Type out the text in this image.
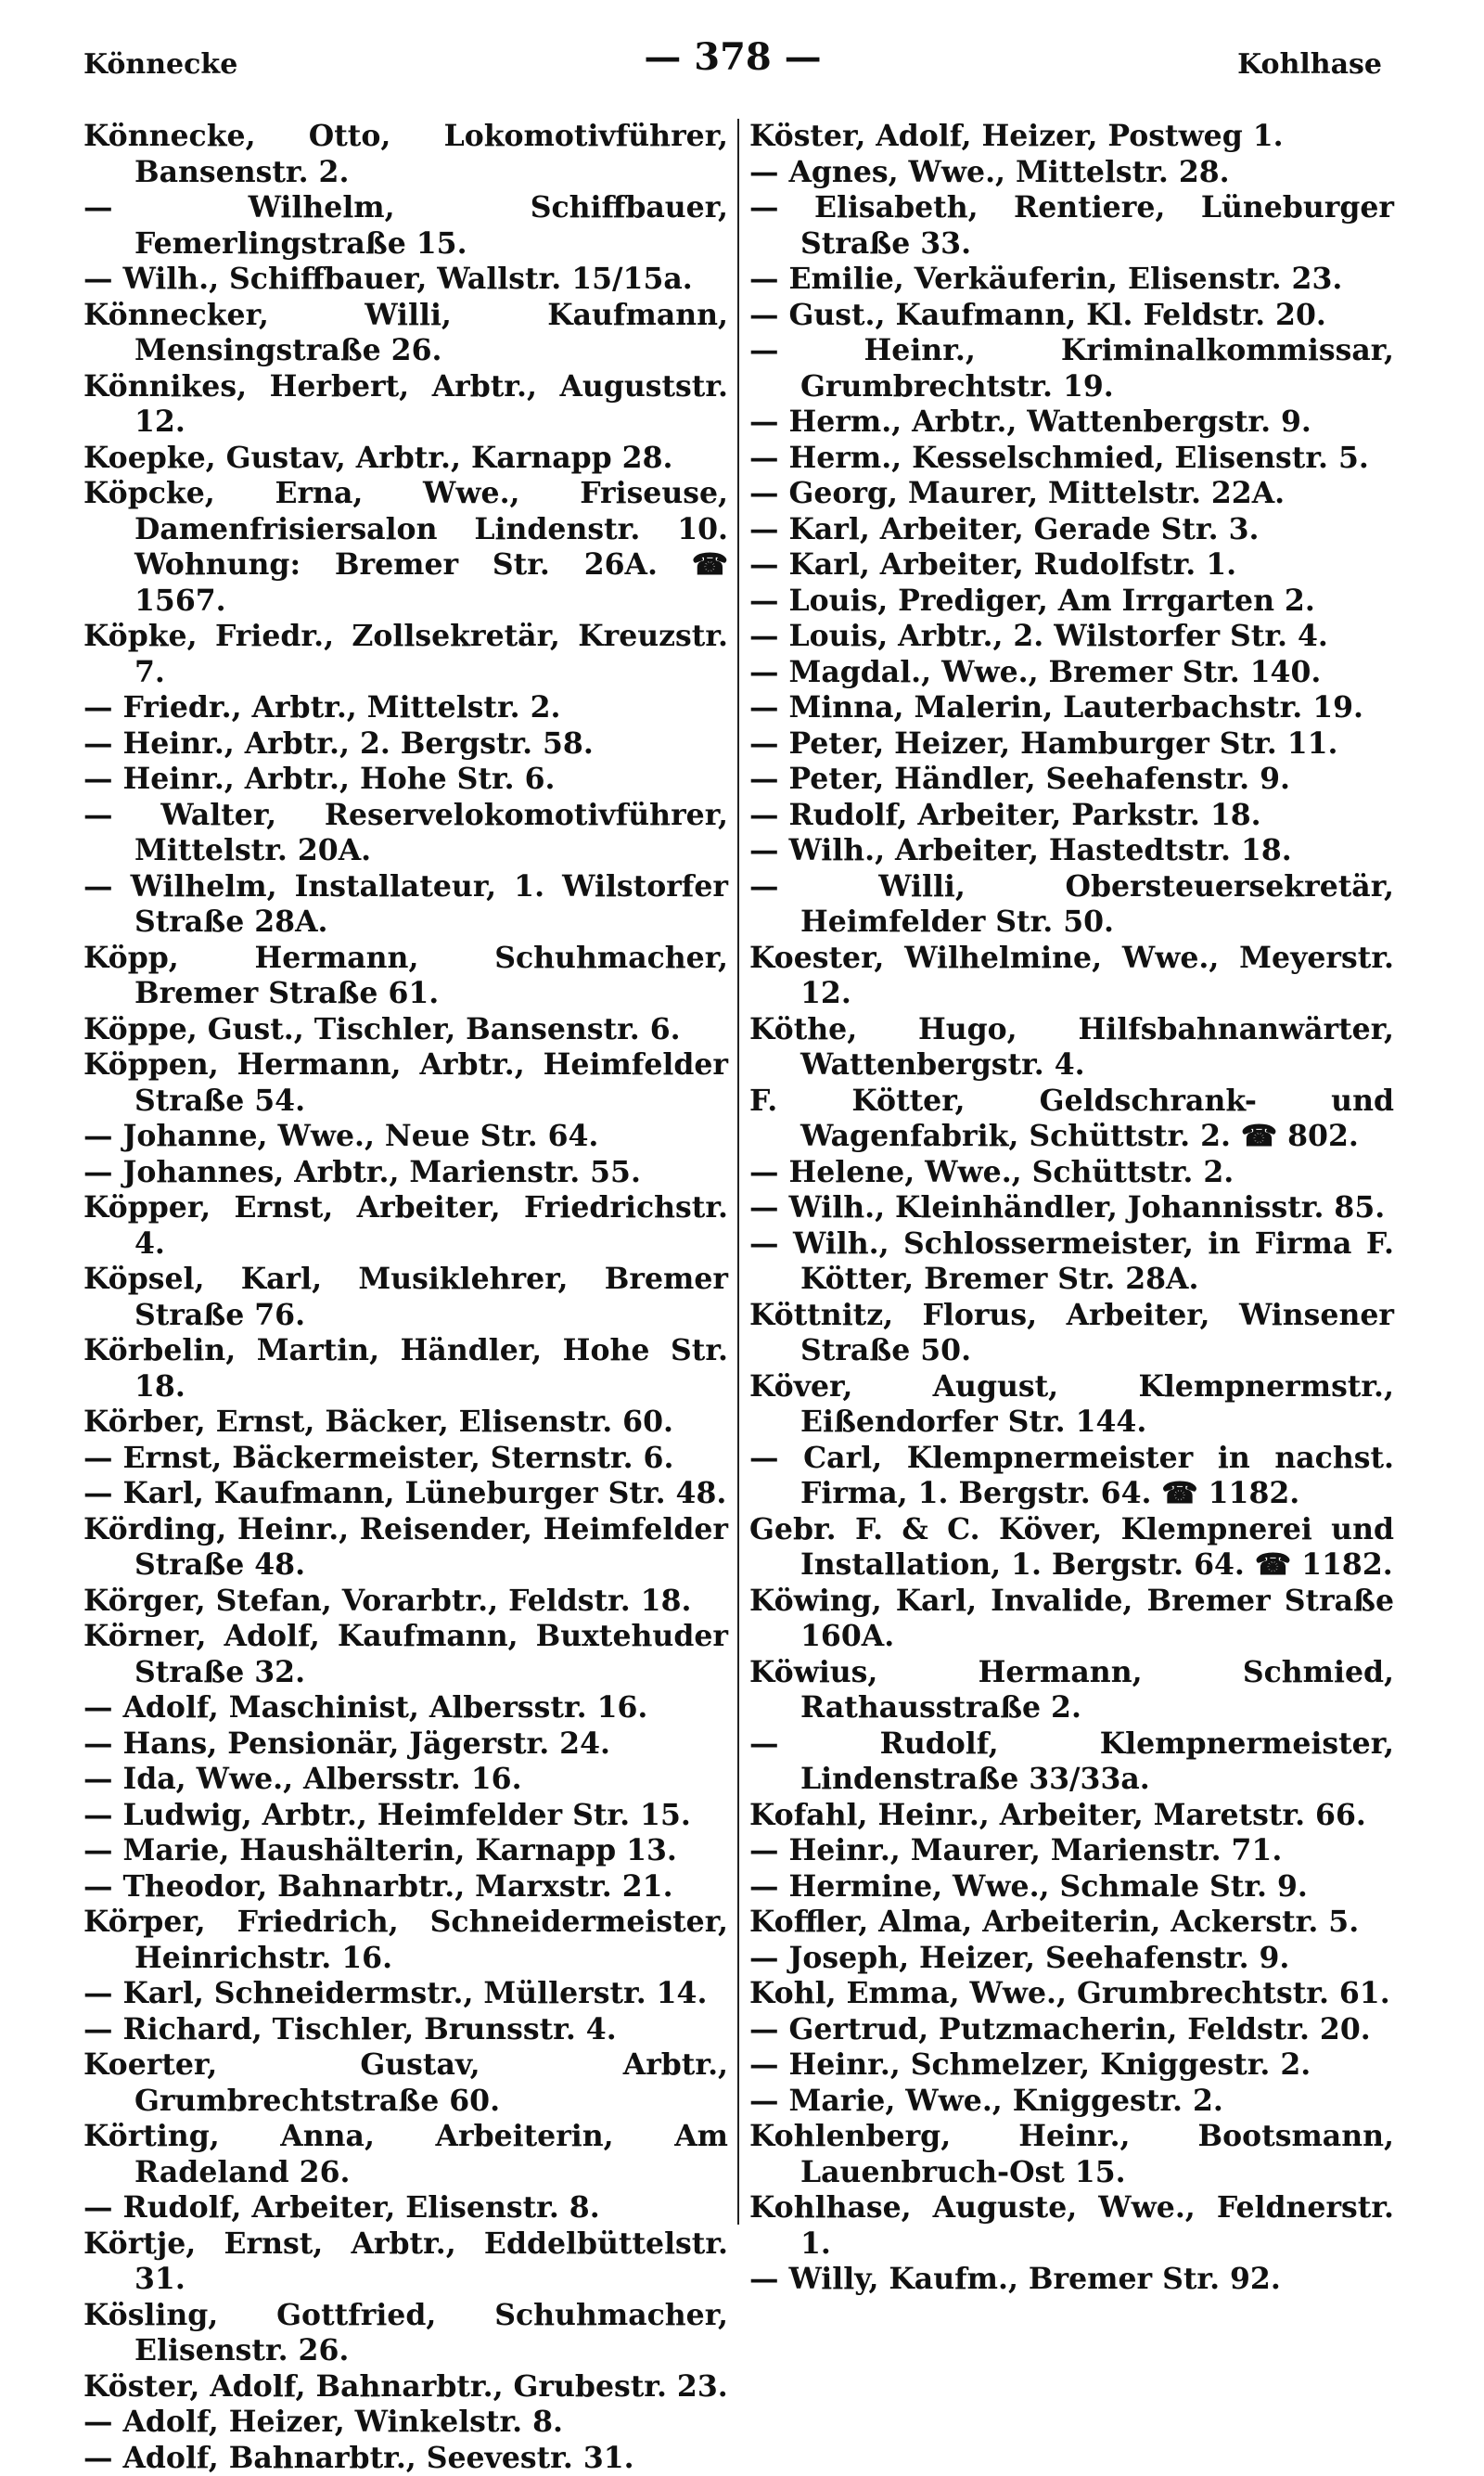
Könnecke	— 378 —	Kohlhase
Könnecke, Otto, Lokomotivführer, Bansenstr. 2.
— Wilhelm, Schiffbauer, Femerlingstraße 15.
— Wilh., Schiffbauer, Wallstr. 15/15a.
Könnecker, Willi, Kaufmann, Mensingstraße 26.
Könnikes, Herbert, Arbtr., Auguststr. 12.
Koepke, Gustav, Arbtr., Karnapp 28.
Köpcke, Erna, Wwe., Friseuse, Damenfrisiersalon Lindenstr. 10. Wohnung: Bremer Str. 26A. ☎ 1567.
Köpke, Friedr., Zollsekretär, Kreuzstr. 7.
— Friedr., Arbtr., Mittelstr. 2.
— Heinr., Arbtr., 2. Bergstr. 58.
— Heinr., Arbtr., Hohe Str. 6.
— Walter, Reservelokomotivführer, Mittelstr. 20A.
— Wilhelm, Installateur, 1. Wilstorfer Straße 28A.
Köpp, Hermann, Schuhmacher, Bremer Straße 61.
Köppe, Gust., Tischler, Bansenstr. 6.
Köppen, Hermann, Arbtr., Heimfelder Straße 54.
— Johanne, Wwe., Neue Str. 64.
— Johannes, Arbtr., Marienstr. 55.
Köpper, Ernst, Arbeiter, Friedrichstr. 4.
Köpsel, Karl, Musiklehrer, Bremer Straße 76.
Körbelin, Martin, Händler, Hohe Str. 18.
Körber, Ernst, Bäcker, Elisenstr. 60.
— Ernst, Bäckermeister, Sternstr. 6.
— Karl, Kaufmann, Lüneburger Str. 48.
Körding, Heinr., Reisender, Heimfelder Straße 48.
Körger, Stefan, Vorarbtr., Feldstr. 18.
Körner, Adolf, Kaufmann, Buxtehuder Straße 32.
— Adolf, Maschinist, Albersstr. 16.
— Hans, Pensionär, Jägerstr. 24.
— Ida, Wwe., Albersstr. 16.
— Ludwig, Arbtr., Heimfelder Str. 15.
— Marie, Haushälterin, Karnapp 13.
— Theodor, Bahnarbtr., Marxstr. 21.
Körper, Friedrich, Schneidermeister, Heinrichstr. 16.
— Karl, Schneidermstr., Müllerstr. 14.
— Richard, Tischler, Brunsstr. 4.
Koerter, Gustav, Arbtr., Grumbrechtstraße 60.
Körting, Anna, Arbeiterin, Am Radeland 26.
— Rudolf, Arbeiter, Elisenstr. 8.
Körtje, Ernst, Arbtr., Eddelbüttelstr. 31.
Kösling, Gottfried, Schuhmacher, Elisenstr. 26.
Köster, Adolf, Bahnarbtr., Grubestr. 23.
— Adolf, Heizer, Winkelstr. 8.
— Adolf, Bahnarbtr., Seevestr. 31.
Köster, Adolf, Heizer, Postweg 1.
— Agnes, Wwe., Mittelstr. 28.
— Elisabeth, Rentiere, Lüneburger Straße 33.
— Emilie, Verkäuferin, Elisenstr. 23.
— Gust., Kaufmann, Kl. Feldstr. 20.
— Heinr., Kriminalkommissar, Grumbrechtstr. 19.
— Herm., Arbtr., Wattenbergstr. 9.
— Herm., Kesselschmied, Elisenstr. 5.
— Georg, Maurer, Mittelstr. 22A.
— Karl, Arbeiter, Gerade Str. 3.
— Karl, Arbeiter, Rudolfstr. 1.
— Louis, Prediger, Am Irrgarten 2.
— Louis, Arbtr., 2. Wilstorfer Str. 4.
— Magdal., Wwe., Bremer Str. 140.
— Minna, Malerin, Lauterbachstr. 19.
— Peter, Heizer, Hamburger Str. 11.
— Peter, Händler, Seehafenstr. 9.
— Rudolf, Arbeiter, Parkstr. 18.
— Wilh., Arbeiter, Hastedtstr. 18.
— Willi, Obersteuersekretär, Heimfelder Str. 50.
Koester, Wilhelmine, Wwe., Meyerstr. 12.
Köthe, Hugo, Hilfsbahnanwärter, Wattenbergstr. 4.
F. Kötter, Geldschrank- und Wagenfabrik, Schüttstr. 2. ☎ 802.
— Helene, Wwe., Schüttstr. 2.
— Wilh., Kleinhändler, Johannisstr. 85.
— Wilh., Schlossermeister, in Firma F. Kötter, Bremer Str. 28A.
Köttnitz, Florus, Arbeiter, Winsener Straße 50.
Köver, August, Klempnermstr., Eißendorfer Str. 144.
— Carl, Klempnermeister in nachst. Firma, 1. Bergstr. 64. ☎ 1182.
Gebr. F. & C. Köver, Klempnerei und Installation, 1. Bergstr. 64. ☎ 1182.
Köwing, Karl, Invalide, Bremer Straße 160A.
Köwius, Hermann, Schmied, Rathausstraße 2.
— Rudolf, Klempnermeister, Lindenstraße 33/33a.
Kofahl, Heinr., Arbeiter, Maretstr. 66.
— Heinr., Maurer, Marienstr. 71.
— Hermine, Wwe., Schmale Str. 9.
Koffler, Alma, Arbeiterin, Ackerstr. 5.
— Joseph, Heizer, Seehafenstr. 9.
Kohl, Emma, Wwe., Grumbrechtstr. 61.
— Gertrud, Putzmacherin, Feldstr. 20.
— Heinr., Schmelzer, Kniggestr. 2.
— Marie, Wwe., Kniggestr. 2.
Kohlenberg, Heinr., Bootsmann, Lauenbruch-Ost 15.
Kohlhase, Auguste, Wwe., Feldnerstr. 1.
— Willy, Kaufm., Bremer Str. 92.
